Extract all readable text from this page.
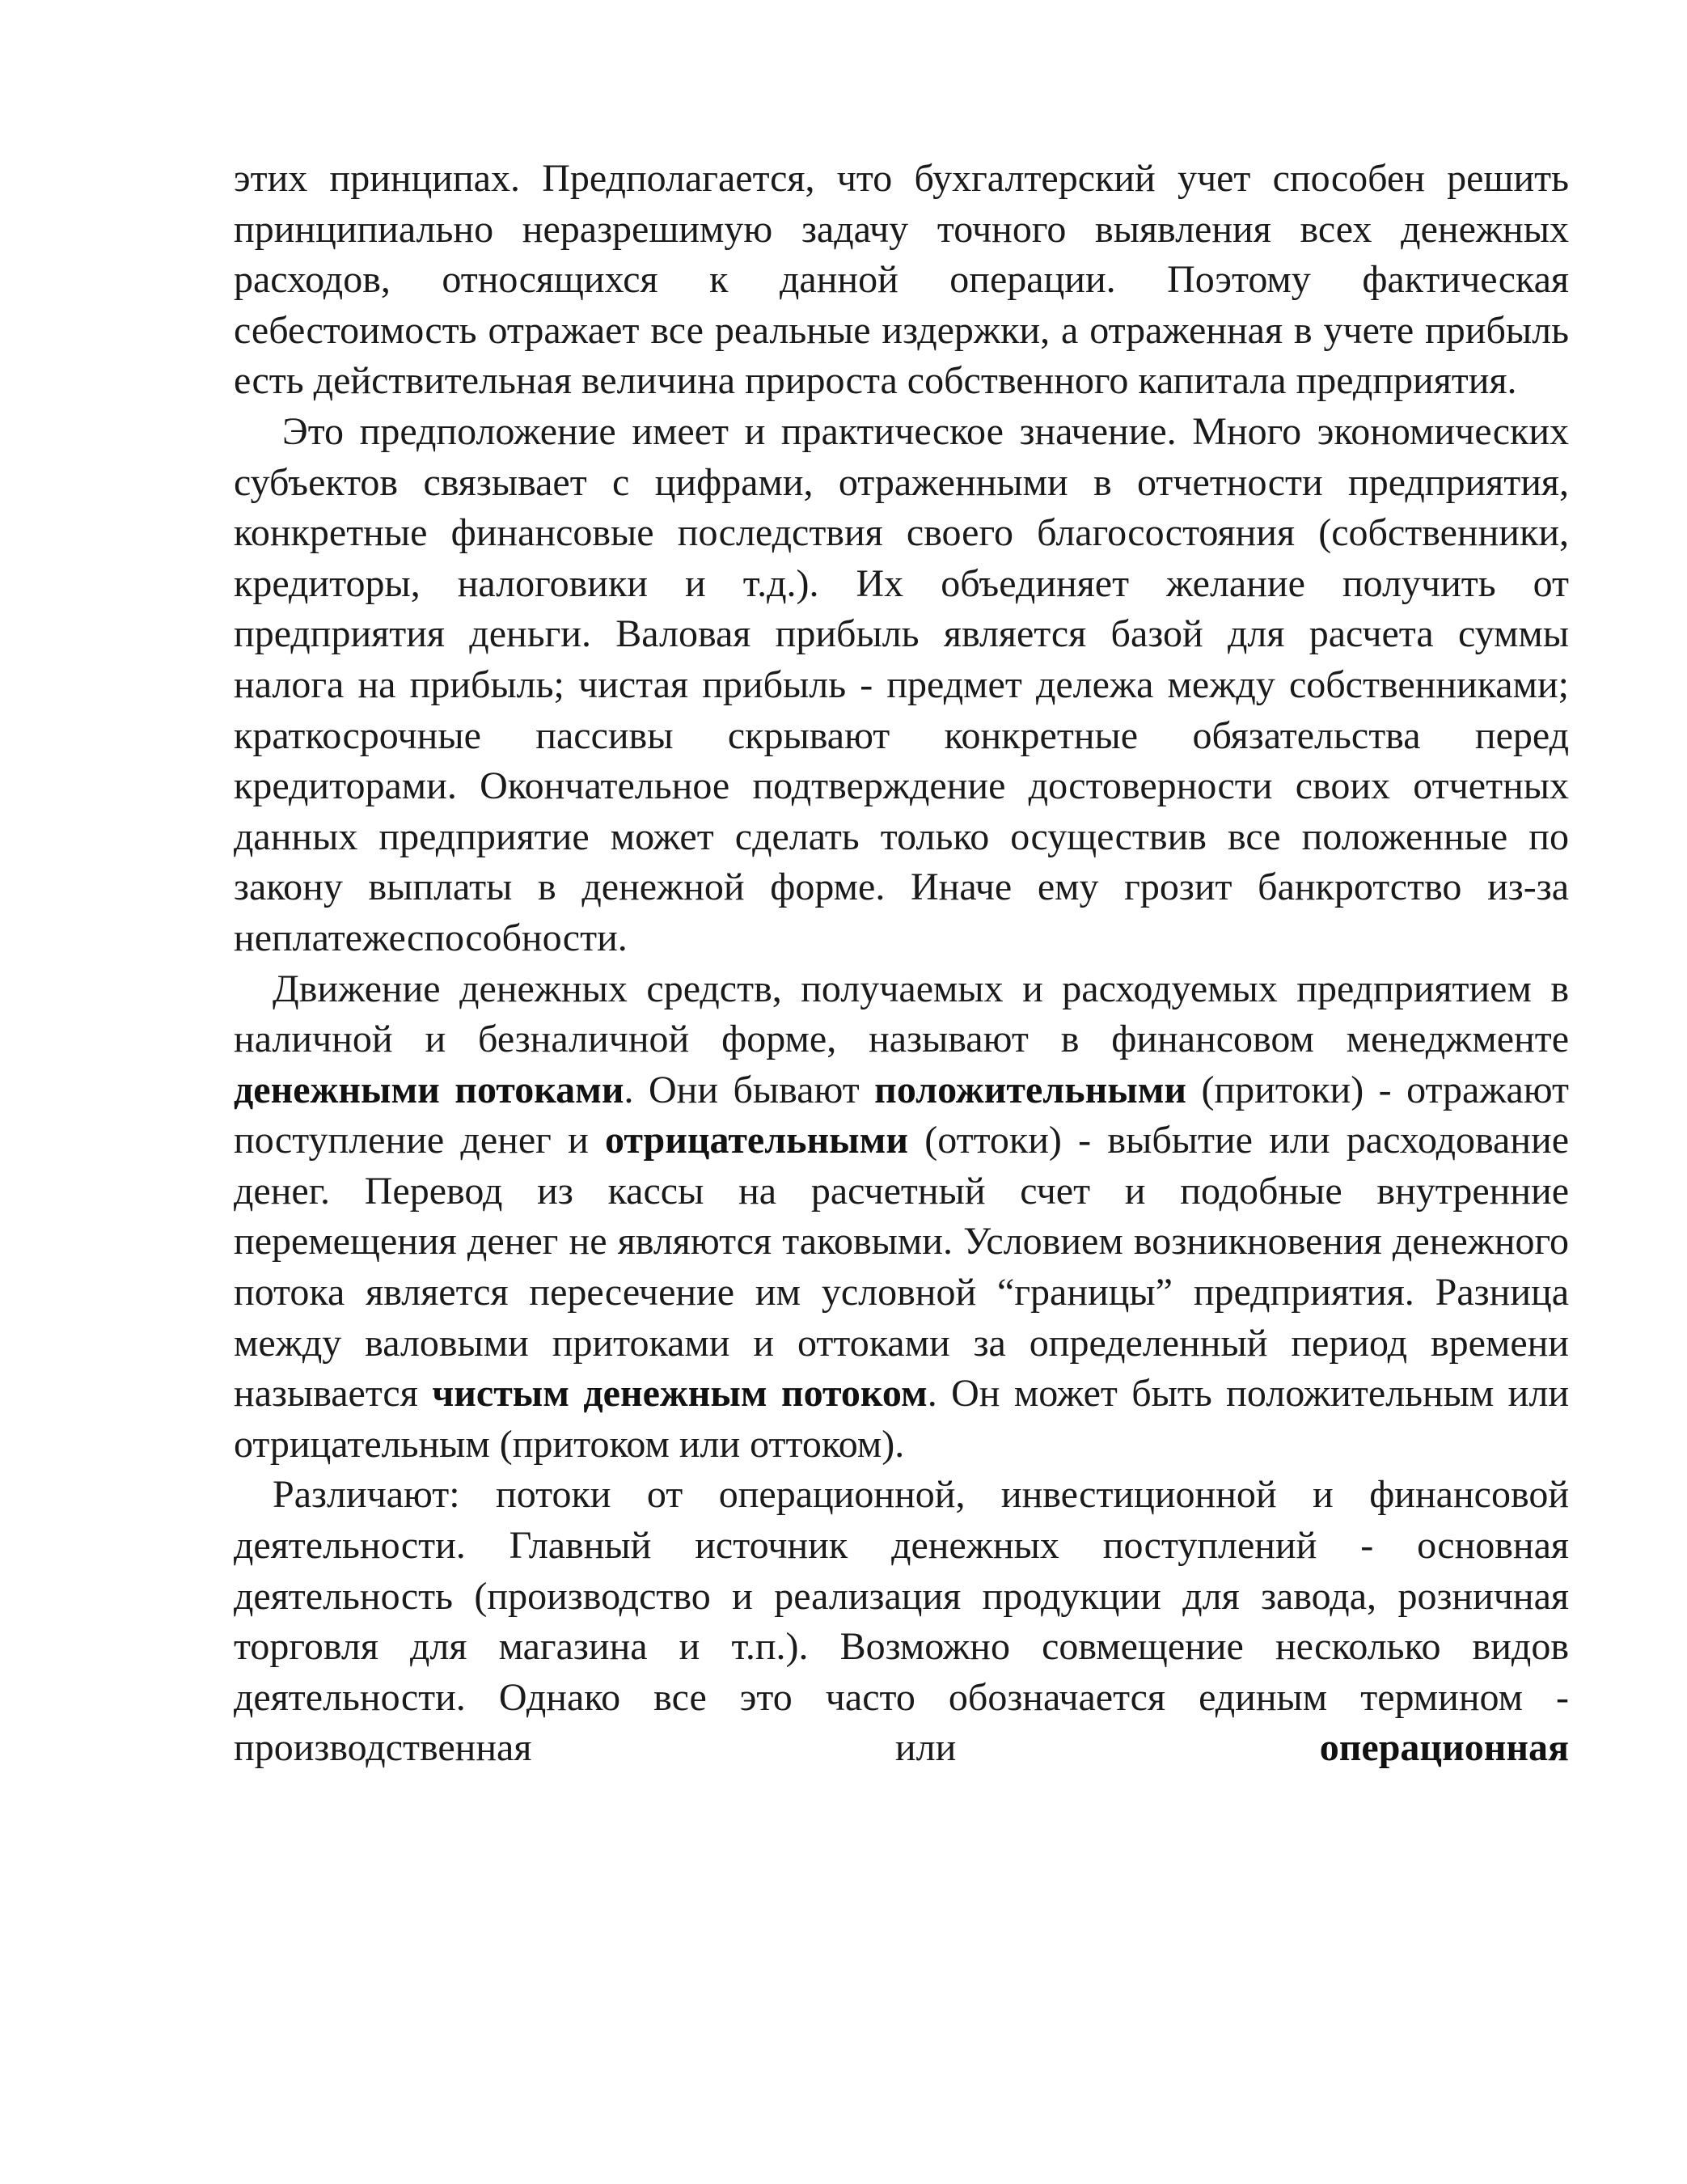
этих принципах. Предполагается, что бухгалтерский учет способен решить принципиально неразрешимую задачу точного выявления всех денежных расходов, относящихся к данной операции. Поэтому фактическая себестоимость отражает все реальные издержки, а отраженная в учете прибыль есть действительная величина прироста собственного капитала предприятия.

Это предположение имеет и практическое значение. Много экономических субъектов связывает с цифрами, отраженными в отчетности предприятия, конкретные финансовые последствия своего благосостояния (собственники, кредиторы, налоговики и т.д.). Их объединяет желание получить от предприятия деньги. Валовая прибыль является базой для расчета суммы налога на прибыль; чистая прибыль - предмет дележа между собственниками; краткосрочные пассивы скрывают конкретные обязательства перед кредиторами. Окончательное подтверждение достоверности своих отчетных данных предприятие может сделать только осуществив все положенные по закону выплаты в денежной форме. Иначе ему грозит банкротство из-за неплатежеспособности.

Движение денежных средств, получаемых и расходуемых предприятием в наличной и безналичной форме, называют в финансовом менеджменте денежными потоками. Они бывают положительными (притоки) - отражают поступление денег и отрицательными (оттоки) - выбытие или расходование денег. Перевод из кассы на расчетный счет и подобные внутренние перемещения денег не являются таковыми. Условием возникновения денежного потока является пересечение им условной “границы” предприятия. Разница между валовыми притоками и оттоками за определенный период времени называется чистым денежным потоком. Он может быть положительным или отрицательным (притоком или оттоком).

Различают: потоки от операционной, инвестиционной и финансовой деятельности. Главный источник денежных поступлений - основная деятельность (производство и реализация продукции для завода, розничная торговля для магазина и т.п.). Возможно совмещение несколько видов деятельности. Однако все это часто обозначается единым термином - производственная или операционная
